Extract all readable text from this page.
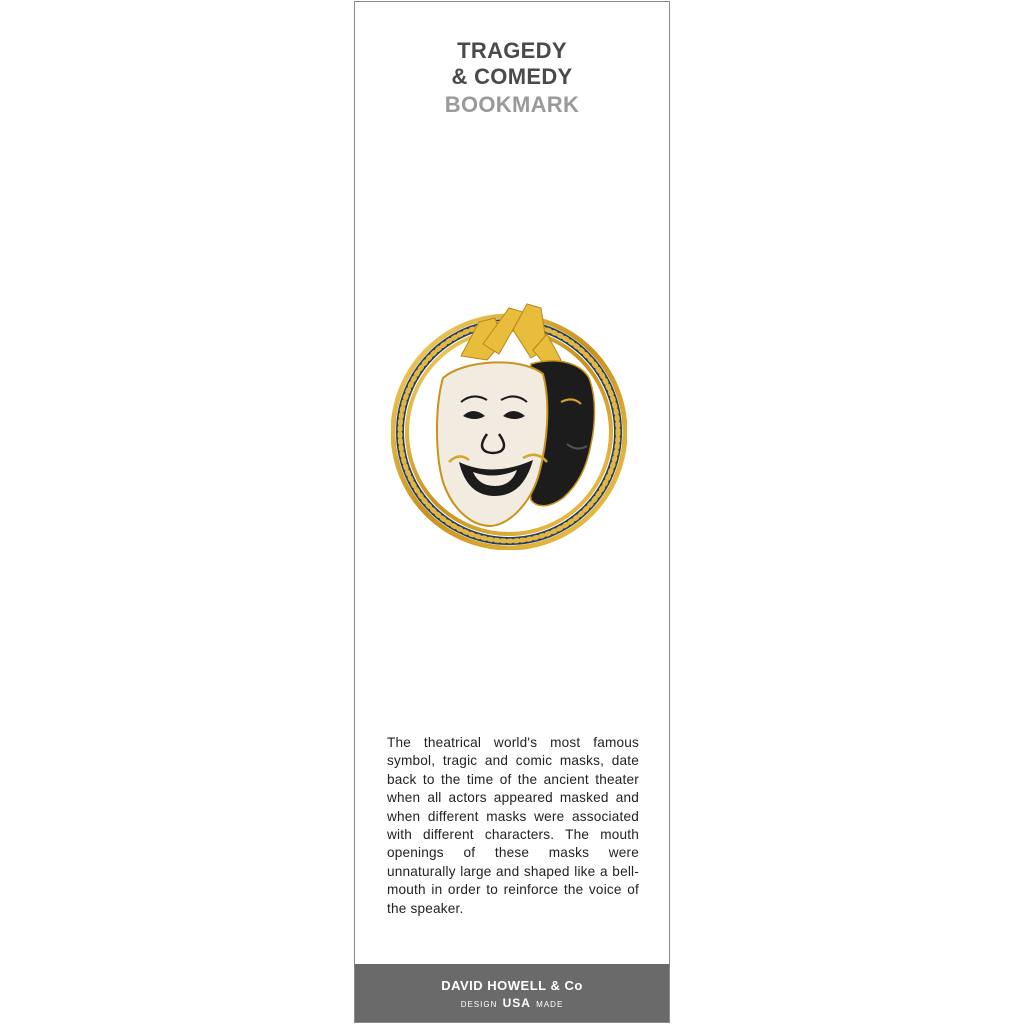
TRAGEDY
& COMEDY
BOOKMARK
The theatrical world's most famous symbol, tragic and comic masks, date back to the time of the ancient theater when all actors appeared masked and when different masks were associated with different characters. The mouth openings of these masks were unnaturally large and shaped like a bell-mouth in order to reinforce the voice of the speaker.
DAVID HOWELL & Co
DESIGN USA MADE
